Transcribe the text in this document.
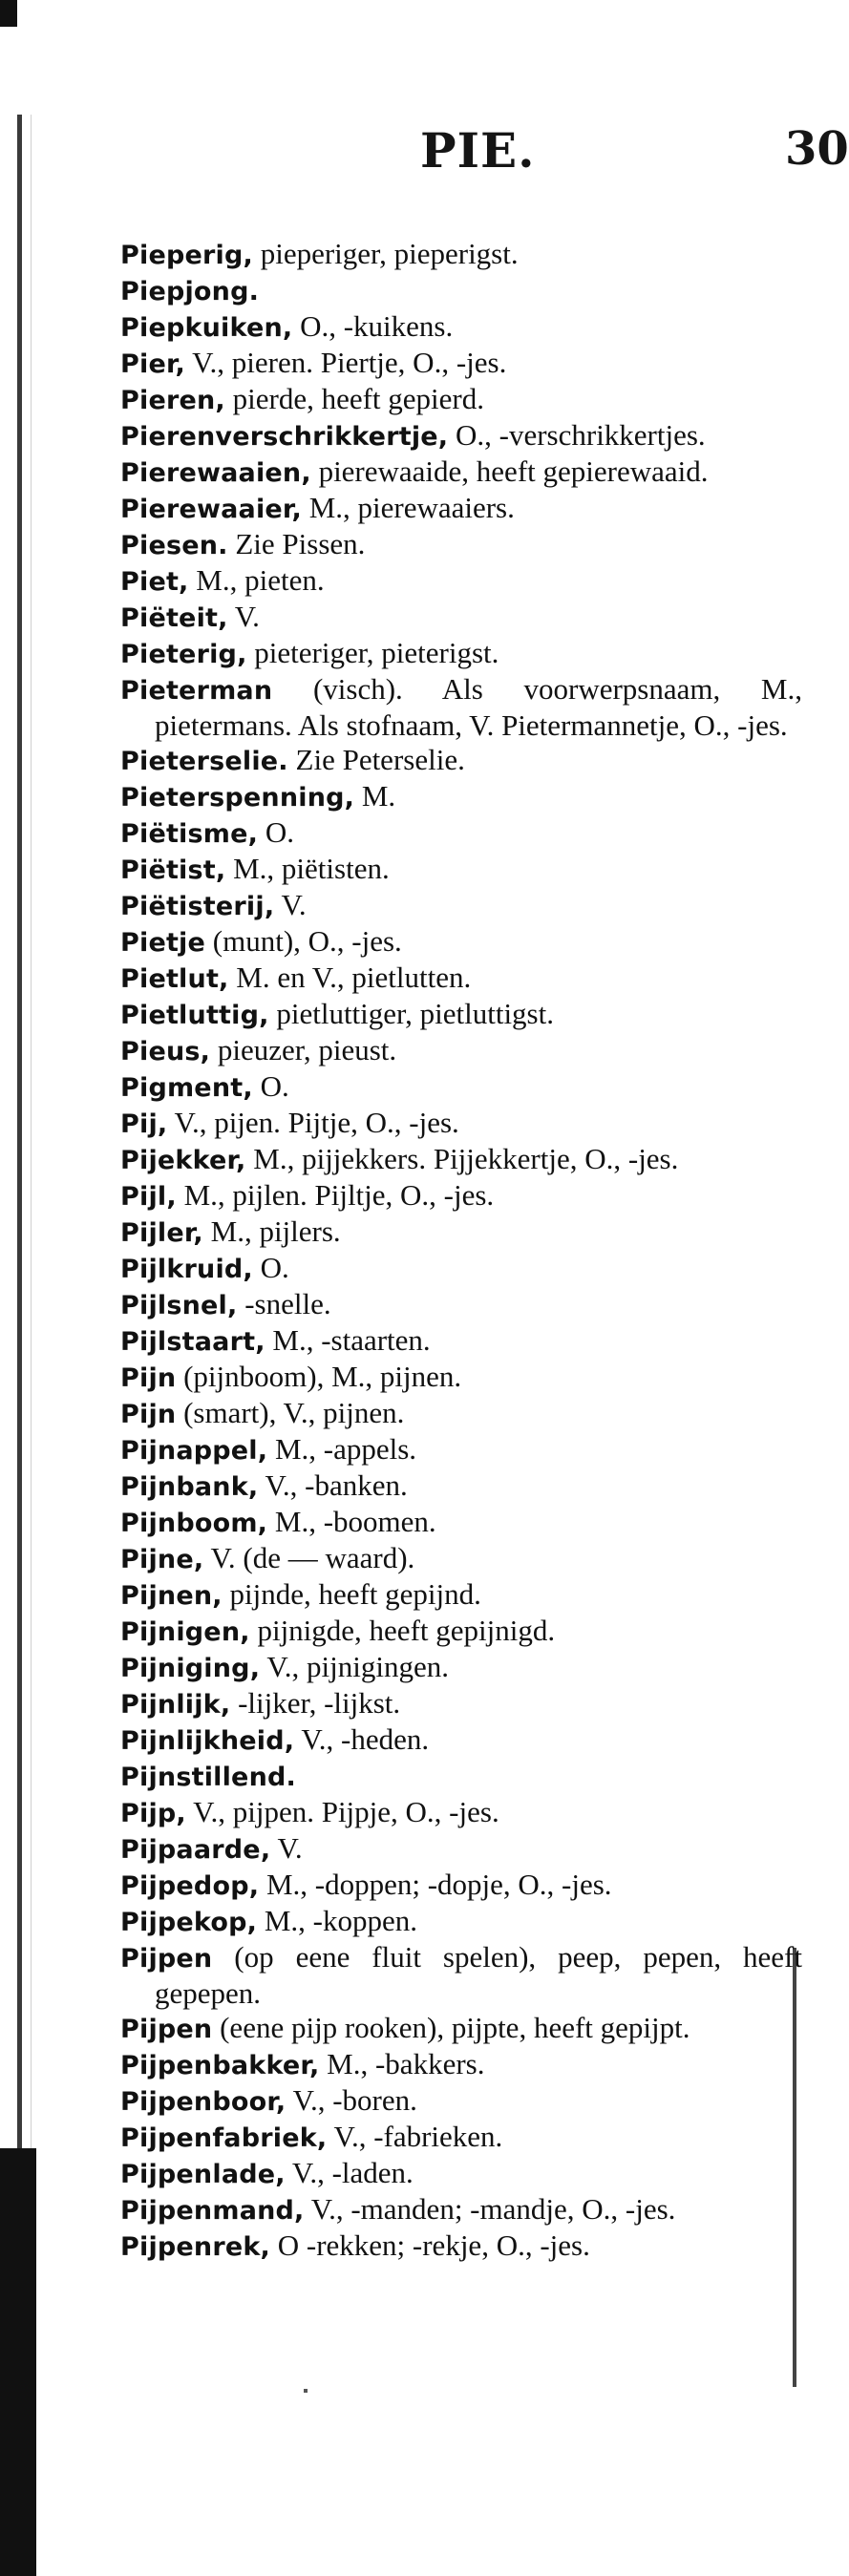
PIE.	30
Pieperig, pieperiger, pieperigst.
Piepjong.
Piepkuiken, O., -kuikens.
Pier, V., pieren. Piertje, O., -jes.
Pieren, pierde, heeft gepierd.
Pierenverschrikkertje, O., -verschrikkertjes.
Pierewaaien, pierewaaide, heeft gepierewaaid.
Pierewaaier, M., pierewaaiers.
Piesen. Zie Pissen.
Piet, M., pieten.
Piëteit, V.
Pieterig, pieteriger, pieterigst.
Pieterman (visch). Als voorwerpsnaam, M., pietermans. Als stofnaam, V. Pietermannetje, O., -jes.
Pieterselie. Zie Peterselie.
Pieterspenning, M.
Piëtisme, O.
Piëtist, M., piëtisten.
Piëtisterij, V.
Pietje (munt), O., -jes.
Pietlut, M. en V., pietlutten.
Pietluttig, pietluttiger, pietluttigst.
Pieus, pieuzer, pieust.
Pigment, O.
Pij, V., pijen. Pijtje, O., -jes.
Pijekker, M., pijjekkers. Pijjekkertje, O., -jes.
Pijl, M., pijlen. Pijltje, O., -jes.
Pijler, M., pijlers.
Pijlkruid, O.
Pijlsnel, -snelle.
Pijlstaart, M., -staarten.
Pijn (pijnboom), M., pijnen.
Pijn (smart), V., pijnen.
Pijnappel, M., -appels.
Pijnbank, V., -banken.
Pijnboom, M., -boomen.
Pijne, V. (de — waard).
Pijnen, pijnde, heeft gepijnd.
Pijnigen, pijnigde, heeft gepijnigd.
Pijniging, V., pijnigingen.
Pijnlijk, -lijker, -lijkst.
Pijnlijkheid, V., -heden.
Pijnstillend.
Pijp, V., pijpen. Pijpje, O., -jes.
Pijpaarde, V.
Pijpedop, M., -doppen; -dopje, O., -jes.
Pijpekop, M., -koppen.
Pijpen (op eene fluit spelen), peep, pepen, heeft gepepen.
Pijpen (eene pijp rooken), pijpte, heeft gepijpt.
Pijpenbakker, M., -bakkers.
Pijpenboor, V., -boren.
Pijpenfabriek, V., -fabrieken.
Pijpenlade, V., -laden.
Pijpenmand, V., -manden; -mandje, O., -jes.
Pijpenrek, O -rekken; -rekje, O., -jes.
